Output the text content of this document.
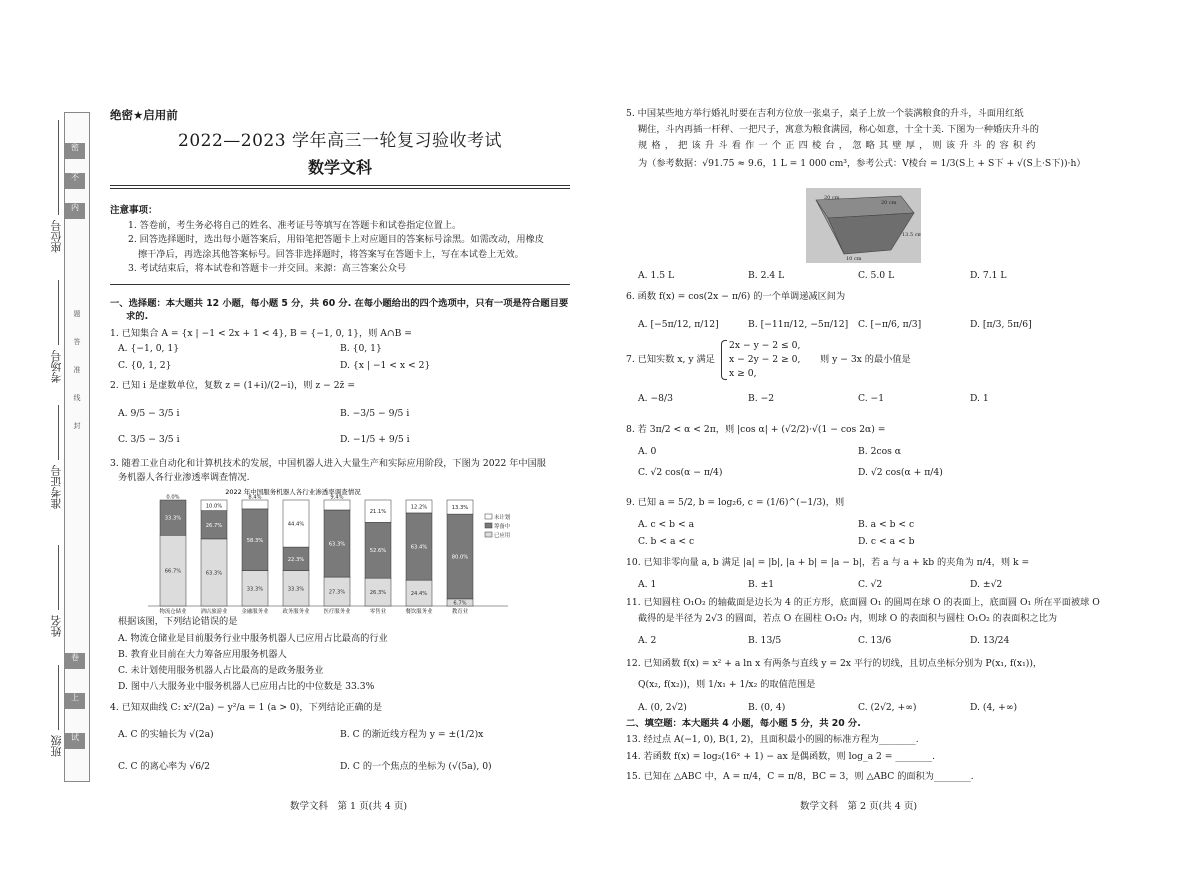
密
不
内
卷
上
试
题
答
准
线
封
座位号
考场号
准考证号
姓名
班级
绝密★启用前
2022—2023 学年高三一轮复习验收考试
数学文科
注意事项：

1. 答卷前，考生务必将自己的姓名、准考证号等填写在答题卡和试卷指定位置上。

2. 回答选择题时，选出每小题答案后，用铅笔把答题卡上对应题目的答案标号涂黑。如需改动，用橡皮

擦干净后，再选涂其他答案标号。回答非选择题时，将答案写在答题卡上，写在本试卷上无效。

3. 考试结束后，将本试卷和答题卡一并交回。来源：高三答案公众号

一、选择题：本大题共 12 小题，每小题 5 分，共 60 分. 在每小题给出的四个选项中，只有一项是符合题目要
求的.
1. 已知集合 A = {x | −1 < 2x + 1 < 4}, B = {−1, 0, 1}，则 A∩B =
A. {−1, 0, 1}	B. {0, 1}
C. {0, 1, 2}	D. {x | −1 < x < 2}
2. 已知 i 是虚数单位，复数 z = (1+i)/(2−i)，则 z − 2z̄ =
A. 9/5 − 3/5 i	B. −3/5 − 9/5 i
C. 3/5 − 3/5 i	D. −1/5 + 9/5 i
3. 随着工业自动化和计算机技术的发展，中国机器人进入大量生产和实际应用阶段，下图为 2022 年中国服
务机器人各行业渗透率调查情况.
2022 年中国服务机器人各行业渗透率调查情况
66.7%
33.3%
0.0%
物流仓储业
63.3%
26.7%
10.0%
酒店旅游业
33.3%
58.3%
8.4%
金融服务业
33.3%
22.3%
44.4%
政务服务业
27.3%
63.3%
9.4%
医疗服务业
26.3%
52.6%
21.1%
零售业
24.4%
63.4%
12.2%
餐饮服务业
6.7%
80.0%
13.3%
教育业
未计划
筹备中
已应用
根据该图，下列结论错误的是
A. 物流仓储业是目前服务行业中服务机器人已应用占比最高的行业
B. 教育业目前在大力筹备应用服务机器人
C. 未计划使用服务机器人占比最高的是政务服务业
D. 图中八大服务业中服务机器人已应用占比的中位数是 33.3%
4. 已知双曲线 C: x²/(2a) − y²/a = 1 (a > 0)，下列结论正确的是
A. C 的实轴长为 √(2a)	B. C 的渐近线方程为 y = ±(1/2)x
C. C 的离心率为 √6/2	D. C 的一个焦点的坐标为 (√(5a), 0)
数学文科　第 1 页(共 4 页)
5. 中国某些地方举行婚礼时要在吉利方位放一张桌子，桌子上放一个装满粮食的升斗，斗面用红纸
糊住，斗内再插一杆秤、一把尺子，寓意为粮食满园，称心如意，十全十美. 下图为一种婚庆升斗的
规格，把该升斗看作一个正四棱台，忽略其壁厚，则该升斗的容积约
为（参考数据：√91.75 ≈ 9.6，1 L = 1 000 cm³，参考公式：V棱台 = 1/3(S上 + S下 + √(S上·S下))·h）
20 cm
20 cm
13.5 cm
10 cm
A. 1.5 L	B. 2.4 L	C. 5.0 L	D. 7.1 L
6. 函数 f(x) = cos(2x − π/6) 的一个单调递减区间为
A. [−5π/12, π/12]	B. [−11π/12, −5π/12] C. [−π/6, π/3]	D. [π/3, 5π/6]
7. 已知实数 x, y 满足
2x − y − 2 ≤ 0,
x − 2y − 2 ≥ 0,
x ≥ 0,
则 y − 3x 的最小值是
A. −8/3	B. −2	C. −1	D. 1
8. 若 3π/2 < α < 2π，则 |cos α| + (√2/2)·√(1 − cos 2α) =
A. 0	B. 2cos α
C. √2 cos(α − π/4)	D. √2 cos(α + π/4)
9. 已知 a = 5/2, b = log₂6, c = (1/6)^(−1/3)，则
A. c < b < a	B. a < b < c
C. b < a < c	D. c < a < b
10. 已知非零向量 a, b 满足 |a| = |b|, |a + b| = |a − b|，若 a 与 a + kb 的夹角为 π/4，则 k =
A. 1	B. ±1	C. √2	D. ±√2
11. 已知圆柱 O₁O₂ 的轴截面是边长为 4 的正方形，底面圆 O₁ 的圆周在球 O 的表面上，底面圆 O₁ 所在平面被球 O
截得的是半径为 2√3 的圆面，若点 O 在圆柱 O₁O₂ 内，则球 O 的表面积与圆柱 O₁O₂ 的表面积之比为
A. 2	B. 13/5	C. 13/6	D. 13/24
12. 已知函数 f(x) = x² + a ln x 有两条与直线 y = 2x 平行的切线，且切点坐标分别为 P(x₁, f(x₁))，
Q(x₂, f(x₂))，则 1/x₁ + 1/x₂ 的取值范围是
A. (0, 2√2)	B. (0, 4)	C. (2√2, +∞)	D. (4, +∞)
二、填空题：本大题共 4 小题，每小题 5 分，共 20 分.
13. 经过点 A(−1, 0), B(1, 2)，且面积最小的圆的标准方程为________.
14. 若函数 f(x) = log₂(16ˣ + 1) − ax 是偶函数，则 log_a 2 = ________.
15. 已知在 △ABC 中，A = π/4，C = π/8，BC = 3，则 △ABC 的面积为________.
数学文科　第 2 页(共 4 页)
